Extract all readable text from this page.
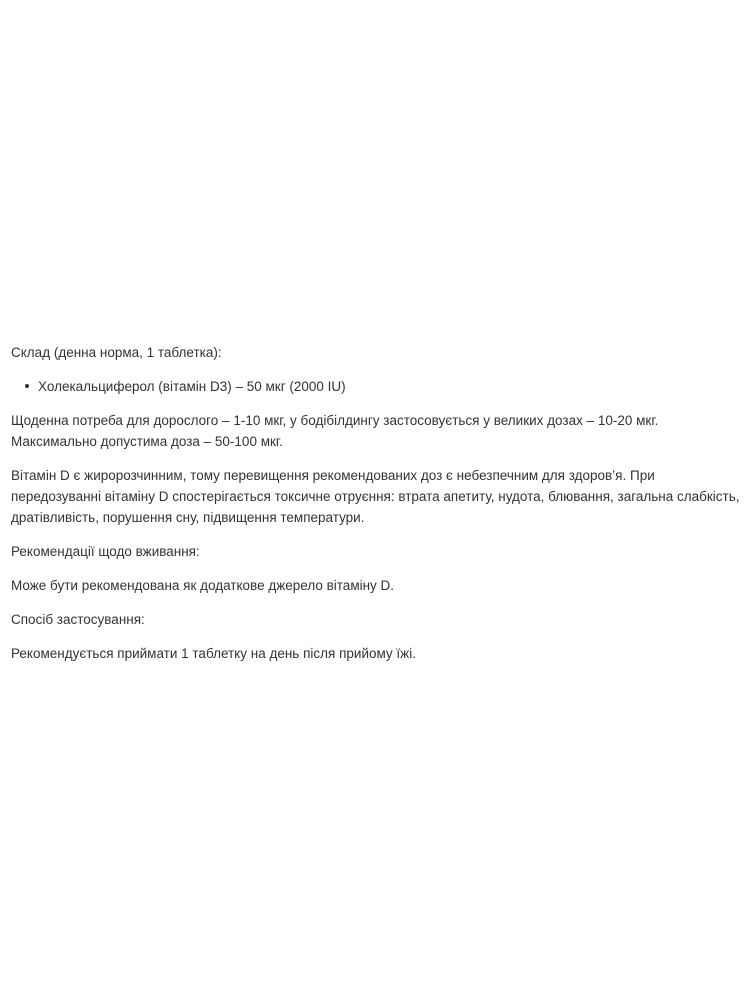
Склад (денна норма, 1 таблетка):

Холекальциферол (вітамін D3) – 50 мкг (2000 IU)

Щоденна потреба для дорослого – 1-10 мкг, у бодібілдингу застосовується у великих дозах – 10-20 мкг. Максимально допустима доза – 50-100 мкг.

Вітамін D є жиророзчинним, тому перевищення рекомендованих доз є небезпечним для здоров’я. При передозуванні вітаміну D спостерігається токсичне отруєння: втрата апетиту, нудота, блювання, загальна слабкість, дратівливість, порушення сну, підвищення температури.

Рекомендації щодо вживання:

Може бути рекомендована як додаткове джерело вітаміну D.

Спосіб застосування:

Рекомендується приймати 1 таблетку на день після прийому їжі.
